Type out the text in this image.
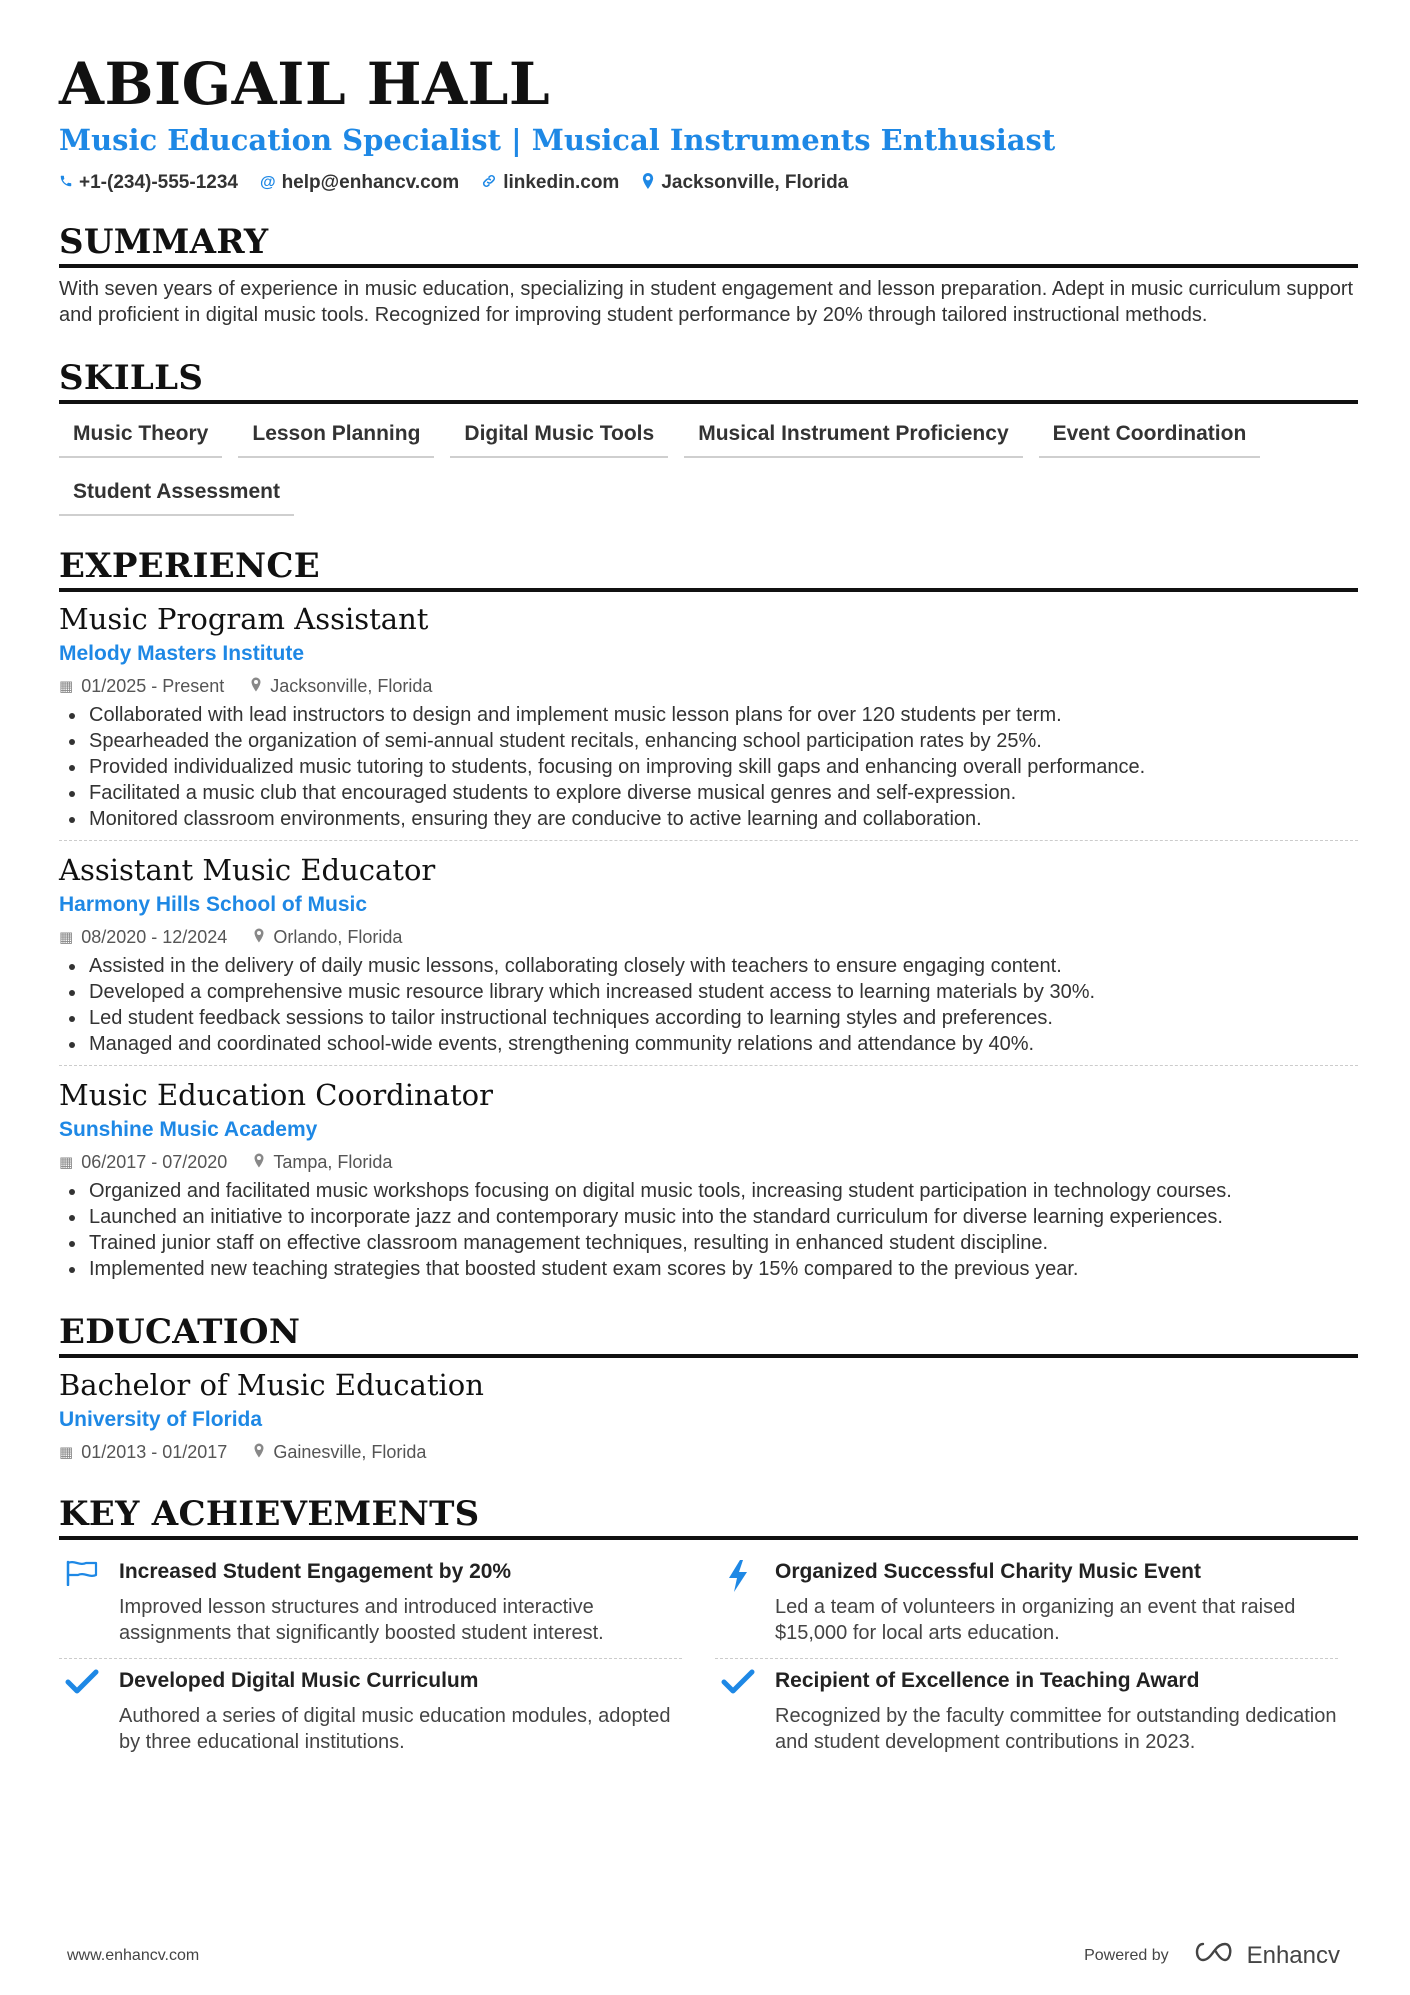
ABIGAIL HALL
Music Education Specialist | Musical Instruments Enthusiast
+1-(234)-555-1234 @ help@enhancv.com linkedin.com Jacksonville, Florida
SUMMARY
With seven years of experience in music education, specializing in student engagement and lesson preparation. Adept in music curriculum support and proficient in digital music tools. Recognized for improving student performance by 20% through tailored instructional methods.
SKILLS
Music Theory	Lesson Planning	Digital Music Tools	Musical Instrument Proficiency	Event Coordination
Student Assessment
EXPERIENCE
Music Program Assistant
Melody Masters Institute
▦ 01/2025 - Present	Jacksonville, Florida
• Collaborated with lead instructors to design and implement music lesson plans for over 120 students per term.
• Spearheaded the organization of semi-annual student recitals, enhancing school participation rates by 25%.
• Provided individualized music tutoring to students, focusing on improving skill gaps and enhancing overall performance.
• Facilitated a music club that encouraged students to explore diverse musical genres and self-expression.
• Monitored classroom environments, ensuring they are conducive to active learning and collaboration.
Assistant Music Educator
Harmony Hills School of Music
▦ 08/2020 - 12/2024	Orlando, Florida
• Assisted in the delivery of daily music lessons, collaborating closely with teachers to ensure engaging content.
• Developed a comprehensive music resource library which increased student access to learning materials by 30%.
• Led student feedback sessions to tailor instructional techniques according to learning styles and preferences.
• Managed and coordinated school-wide events, strengthening community relations and attendance by 40%.
Music Education Coordinator
Sunshine Music Academy
▦ 06/2017 - 07/2020	Tampa, Florida
• Organized and facilitated music workshops focusing on digital music tools, increasing student participation in technology courses.
• Launched an initiative to incorporate jazz and contemporary music into the standard curriculum for diverse learning experiences.
• Trained junior staff on effective classroom management techniques, resulting in enhanced student discipline.
• Implemented new teaching strategies that boosted student exam scores by 15% compared to the previous year.
EDUCATION
Bachelor of Music Education
University of Florida
▦ 01/2013 - 01/2017	Gainesville, Florida
KEY ACHIEVEMENTS
Increased Student Engagement by 20%
Improved lesson structures and introduced interactive assignments that significantly boosted student interest.
Organized Successful Charity Music Event
Led a team of volunteers in organizing an event that raised $15,000 for local arts education.
Developed Digital Music Curriculum
Authored a series of digital music education modules, adopted by three educational institutions.
Recipient of Excellence in Teaching Award
Recognized by the faculty committee for outstanding dedication and student development contributions in 2023.
www.enhancv.com	Powered by	Enhancv
